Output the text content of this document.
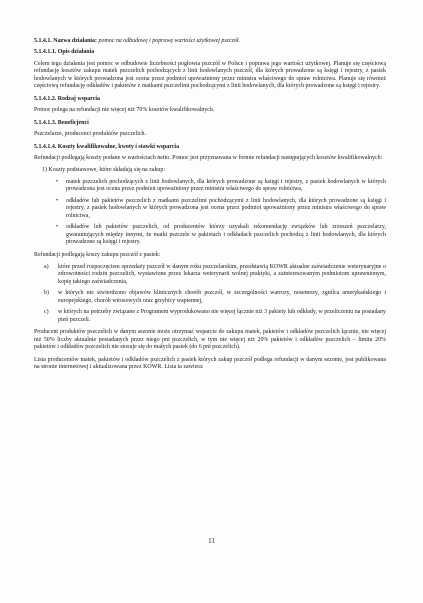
5.1.4.1. Nazwa działania: pomoc na odbudowę i poprawę wartości użytkowej pszczół.

5.1.4.1.1. Opis działania

Celem tego działania jest pomoc w odbudowie liczebności pogłowia pszczół w Polsce i poprawa jego wartości użytkowej. Planuje się częściową refundację kosztów zakupu matek pszczelich pochodzących z linii hodowlanych pszczół, dla których prowadzone są księgi i rejestry, z pasiek hodowlanych w których prowadzona jest ocena przez podmiot upoważniony przez ministra właściwego do spraw rolnictwa. Planuje się również częściową refundację odkładów i pakietów z matkami pszczelimi pochodzącymi z linii hodowlanych, dla których prowadzone są księgi i rejestry.

5.1.4.1.2. Rodzaj wsparcia

Pomoc polega na refundacji nie więcej niż 70% kosztów kwalifikowalnych.

5.1.4.1.3. Beneficjenci

Pszczelarze, producenci produktów pszczelich.

5.1.4.1.4. Koszty kwalifikowalne, kwoty i stawki wsparcia

Refundacji podlegają koszty podane w wartościach netto. Pomoc jest przyznawana w formie refundacji następujących kosztów kwalifikowalnych:

1) Koszty podstawowe, które składają się na zakup:

• matek pszczelich pochodzących z linii hodowlanych, dla których prowadzone są księgi i rejestry, z pasiek hodowlanych w których prowadzona jest ocena przez podmiot upoważniony przez ministra właściwego do spraw rolnictwa,
• odkładów lub pakietów pszczelich z matkami pszczelimi pochodzącymi z linii hodowlanych, dla których prowadzone są księgi i rejestry, z pasiek hodowlanych w których prowadzona jest ocena przez podmiot upoważniony przez ministra właściwego do spraw rolnictwa,
• odkładów lub pakietów pszczelich, od producentów którzy uzyskali rekomendację związków lub zrzeszeń pszczelarzy, gwarantujących między innymi, że matki pszczele w pakietach i odkładach pszczelich pochodzą z linii hodowlanych, dla których prowadzone są księgi i rejestry.

Refundacji podlegają koszy zakupu pszczół z pasiek:

a) które przed rozpoczęciem sprzedaży pszczół w danym roku pszczelarskim, przedstawią KOWR aktualne zaświadczenie weterynaryjne o zdrowotności rodzin pszczelich, wystawione przez lekarza weterynarii wolnej praktyki, a zainteresowanym podmiotom uprawnionym, kopię takiego zaświadczenia,
b) w których nie stwierdzono objawów klinicznych chorób pszczół, w szczególności warrozy, nosemozy, zgnilca amerykańskiego i europejskiego, chorób wirusowych oraz grzybicy wapiennej,
c) w których na potrzeby związane z Programem wyprodukowano nie więcej łącznie niż 3 pakiety lub odkłady, w przeliczeniu na posiadany pień pszczeli.

Producent produktów pszczelich w danym sezonie może otrzymać wsparcie do zakupu matek, pakietów i odkładów pszczelich łącznie, nie więcej niż 50% liczby aktualnie posiadanych przez niego pni pszczelich, w tym nie więcej niż 20% pakietów i odkładów pszczelich – limitu 20% pakietów i odkładów pszczelich nie stosuje się do małych pasiek (do 6 pni pszczelich).

Lista producentów matek, pakietów i odkładów pszczelich z pasiek których zakup pszczół podlega refundacji w danym sezonie, jest publikowana na stronie internetowej i aktualizowana przez KOWR. Lista ta zawiera:

11
